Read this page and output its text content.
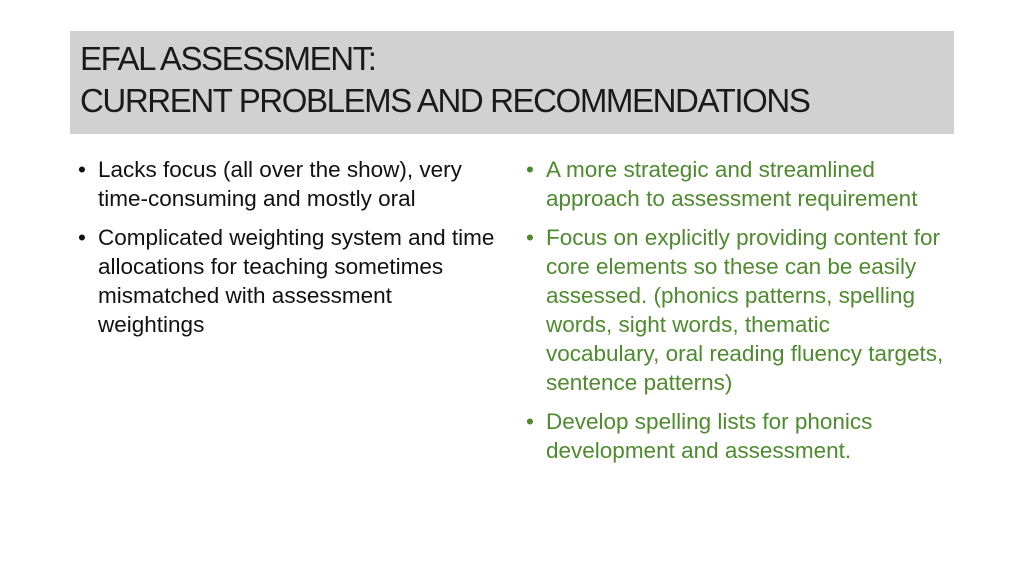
EFAL ASSESSMENT:
CURRENT PROBLEMS AND RECOMMENDATIONS
• Lacks focus (all over the show), very time-consuming and mostly oral
• Complicated weighting system and time allocations for teaching sometimes mismatched with assessment weightings
• A more strategic and streamlined approach to assessment requirement
• Focus on explicitly providing content for core elements so these can be easily assessed. (phonics patterns, spelling words, sight words, thematic vocabulary, oral reading fluency targets, sentence patterns)
• Develop spelling lists for phonics development and assessment.
